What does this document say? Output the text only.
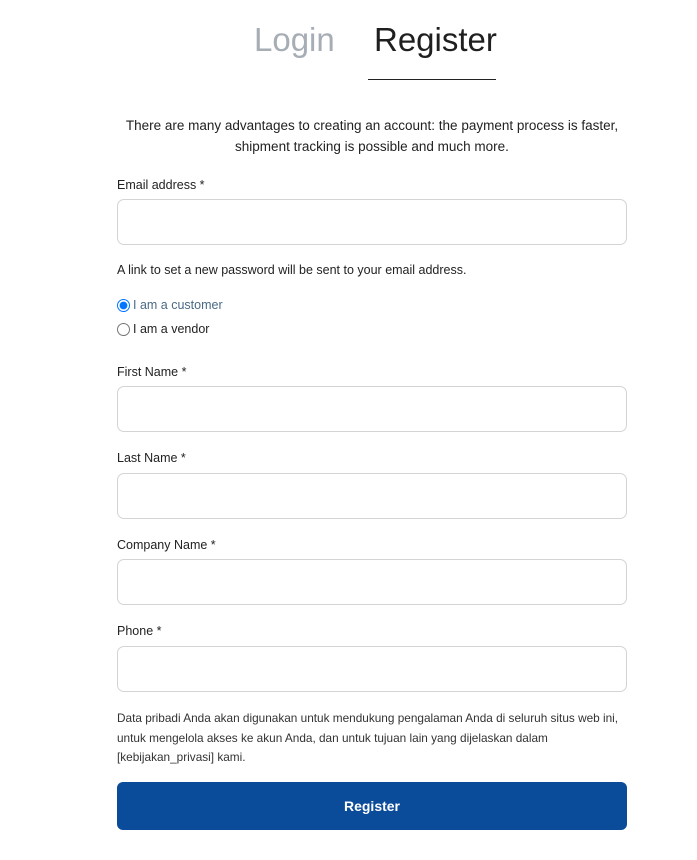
Login Register
There are many advantages to creating an account: the payment process is faster, shipment tracking is possible and much more.
Email address *
A link to set a new password will be sent to your email address.
I am a customer
I am a vendor
First Name *
Last Name *
Company Name *
Phone *
Data pribadi Anda akan digunakan untuk mendukung pengalaman Anda di seluruh situs web ini, untuk mengelola akses ke akun Anda, dan untuk tujuan lain yang dijelaskan dalam [kebijakan_privasi] kami.
Register
